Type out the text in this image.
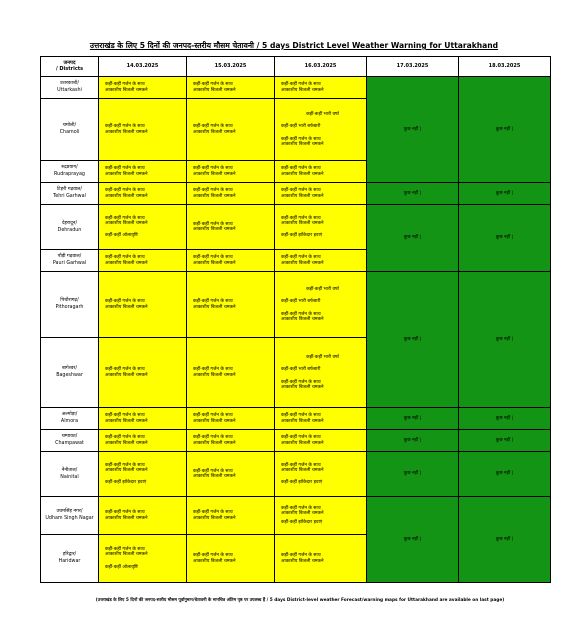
उत्तराखंड के लिए 5 दिनों की जनपद-स्तरीय मौसम चेतावनी / 5 days District Level Weather Warning for Uttarakhand
जनपद
/ Districts	14.03.2025	15.03.2025	16.03.2025	17.03.2025	18.03.2025

उत्तरकाशी/
Uttarkashi	कहीं-कहीं गर्जन के साथ
आकाशीय बिजली चमकने	कहीं-कहीं गर्जन के साथ
आकाशीय बिजली चमकने	कहीं-कहीं गर्जन के साथ
आकाशीय बिजली चमकने	कुछ नहीं |	कुछ नहीं |

चमोली/
Chamoli	कहीं-कहीं गर्जन के साथ
आकाशीय बिजली चमकने	कहीं-कहीं गर्जन के साथ
आकाशीय बिजली चमकने	कहीं-कहीं भारी वर्षा
कहीं-कहीं भारी बर्फबारी
कहीं-कहीं गर्जन के साथ
आकाशीय बिजली चमकने		

रुद्रप्रयाग/
Rudraprayag	कहीं-कहीं गर्जन के साथ
आकाशीय बिजली चमकने	कहीं-कहीं गर्जन के साथ
आकाशीय बिजली चमकने	कहीं-कहीं गर्जन के साथ
आकाशीय बिजली चमकने		

टिहरी गढ़वाल/
Tehri Garhwal	कहीं-कहीं गर्जन के साथ
आकाशीय बिजली चमकने	कहीं-कहीं गर्जन के साथ
आकाशीय बिजली चमकने	कहीं-कहीं गर्जन के साथ
आकाशीय बिजली चमकने	कुछ नहीं |	कुछ नहीं |

देहरादून/
Dehradun	कहीं-कहीं गर्जन के साथ
आकाशीय बिजली चमकने
कहीं-कहीं ओलावृष्टि	कहीं-कहीं गर्जन के साथ
आकाशीय बिजली चमकने	कहीं-कहीं गर्जन के साथ
आकाशीय बिजली चमकने
कहीं-कहीं झोंकेदार हवाएं	कुछ नहीं |	कुछ नहीं |

पौड़ी गढ़वाल/
Pauri Garhwal	कहीं-कहीं गर्जन के साथ
आकाशीय बिजली चमकने	कहीं-कहीं गर्जन के साथ
आकाशीय बिजली चमकने	कहीं-कहीं गर्जन के साथ
आकाशीय बिजली चमकने		

पिथौरागढ़/
Pithoragarh	कहीं-कहीं गर्जन के साथ
आकाशीय बिजली चमकने	कहीं-कहीं गर्जन के साथ
आकाशीय बिजली चमकने	कहीं-कहीं भारी वर्षा
कहीं-कहीं भारी बर्फबारी
कहीं-कहीं गर्जन के साथ
आकाशीय बिजली चमकने	कुछ नहीं |	कुछ नहीं |

बागेश्वर/
Bageshwar	कहीं-कहीं गर्जन के साथ
आकाशीय बिजली चमकने	कहीं-कहीं गर्जन के साथ
आकाशीय बिजली चमकने	कहीं-कहीं भारी वर्षा
कहीं-कहीं भारी बर्फबारी
कहीं-कहीं गर्जन के साथ
आकाशीय बिजली चमकने		

अल्मोड़ा/
Almora	कहीं-कहीं गर्जन के साथ
आकाशीय बिजली चमकने	कहीं-कहीं गर्जन के साथ
आकाशीय बिजली चमकने	कहीं-कहीं गर्जन के साथ
आकाशीय बिजली चमकने	कुछ नहीं |	कुछ नहीं |

चम्पावत/
Champawat	कहीं-कहीं गर्जन के साथ
आकाशीय बिजली चमकने	कहीं-कहीं गर्जन के साथ
आकाशीय बिजली चमकने	कहीं-कहीं गर्जन के साथ
आकाशीय बिजली चमकने	कुछ नहीं |	कुछ नहीं |

नैनीताल/
Nainital	कहीं-कहीं गर्जन के साथ
आकाशीय बिजली चमकने
कहीं-कहीं झोंकेदार हवाएं	कहीं-कहीं गर्जन के साथ
आकाशीय बिजली चमकने	कहीं-कहीं गर्जन के साथ
आकाशीय बिजली चमकने
कहीं-कहीं झोंकेदार हवाएं	कुछ नहीं |	कुछ नहीं |

उधमसिंह नगर/
Udham Singh Nagar	कहीं-कहीं गर्जन के साथ
आकाशीय बिजली चमकने	कहीं-कहीं गर्जन के साथ
आकाशीय बिजली चमकने	कहीं-कहीं गर्जन के साथ
आकाशीय बिजली चमकने
कहीं-कहीं झोंकेदार हवाएं	कुछ नहीं |	कुछ नहीं |

हरिद्वार/
Haridwar	कहीं-कहीं गर्जन के साथ
आकाशीय बिजली चमकने
कहीं-कहीं ओलावृष्टि	कहीं-कहीं गर्जन के साथ
आकाशीय बिजली चमकने	कहीं-कहीं गर्जन के साथ
आकाशीय बिजली चमकने		
(उत्तराखंड के लिए 5 दिनों की जनपद-स्तरीय मौसम पूर्वानुमान/चेतावनी के मानचित्र अंतिम पृष्ठ पर उपलब्ध हैं / 5 days District-level weather Forecast/warning maps for Uttarakhand are available on last page)
